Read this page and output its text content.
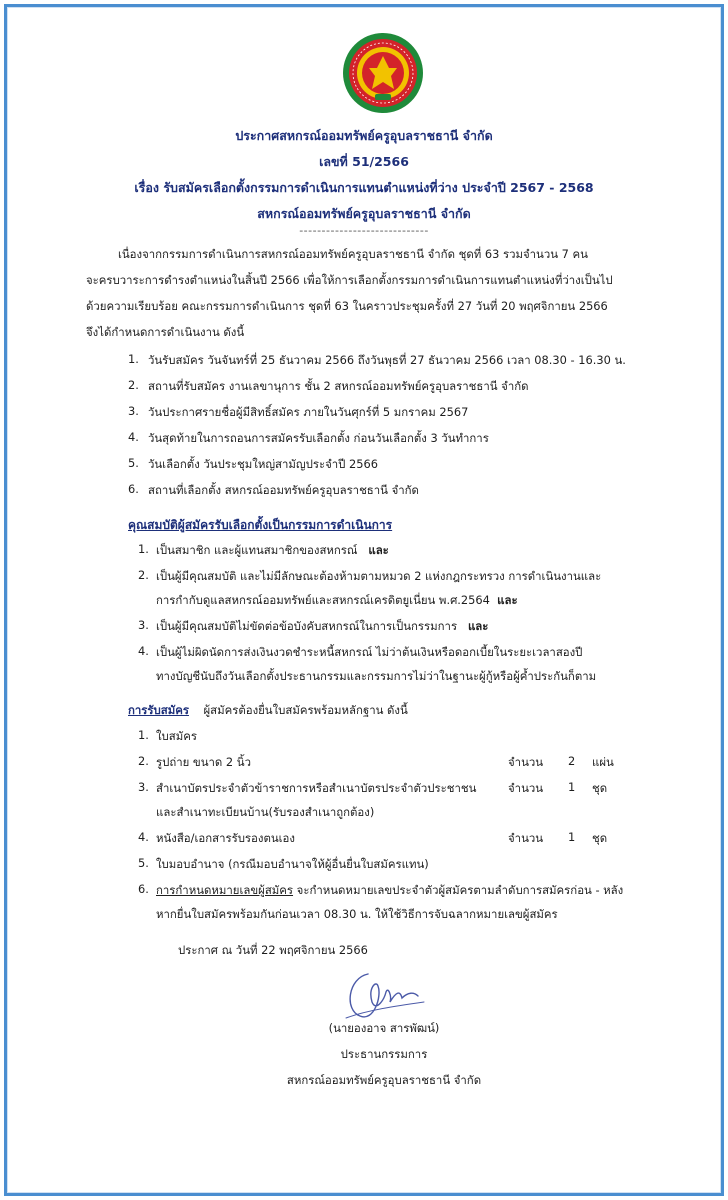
ประกาศสหกรณ์ออมทรัพย์ครูอุบลราชธานี จำกัด
เลขที่ 51/2566
เรื่อง รับสมัครเลือกตั้งกรรมการดำเนินการแทนตำแหน่งที่ว่าง ประจำปี 2567 - 2568
สหกรณ์ออมทรัพย์ครูอุบลราชธานี จำกัด
-----------------------------
เนื่องจากกรรมการดำเนินการสหกรณ์ออมทรัพย์ครูอุบลราชธานี จำกัด ชุดที่ 63 รวมจำนวน 7 คน
จะครบวาระการดำรงตำแหน่งในสิ้นปี 2566 เพื่อให้การเลือกตั้งกรรมการดำเนินการแทนตำแหน่งที่ว่างเป็นไป
ด้วยความเรียบร้อย คณะกรรมการดำเนินการ ชุดที่ 63 ในคราวประชุมครั้งที่ 27 วันที่ 20 พฤศจิกายน 2566
จึงได้กำหนดการดำเนินงาน ดังนี้
1. วันรับสมัคร วันจันทร์ที่ 25 ธันวาคม 2566 ถึงวันพุธที่ 27 ธันวาคม 2566 เวลา 08.30 - 16.30 น.
2. สถานที่รับสมัคร งานเลขานุการ ชั้น 2 สหกรณ์ออมทรัพย์ครูอุบลราชธานี จำกัด
3. วันประกาศรายชื่อผู้มีสิทธิ์สมัคร ภายในวันศุกร์ที่ 5 มกราคม 2567
4. วันสุดท้ายในการถอนการสมัครรับเลือกตั้ง ก่อนวันเลือกตั้ง 3 วันทำการ
5. วันเลือกตั้ง วันประชุมใหญ่สามัญประจำปี 2566
6. สถานที่เลือกตั้ง สหกรณ์ออมทรัพย์ครูอุบลราชธานี จำกัด
คุณสมบัติผู้สมัครรับเลือกตั้งเป็นกรรมการดำเนินการ
1. เป็นสมาชิก และผู้แทนสมาชิกของสหกรณ์ และ
2. เป็นผู้มีคุณสมบัติ และไม่มีลักษณะต้องห้ามตามหมวด 2 แห่งกฎกระทรวง การดำเนินงานและ
การกำกับดูแลสหกรณ์ออมทรัพย์และสหกรณ์เครดิตยูเนี่ยน พ.ศ.2564 และ
3. เป็นผู้มีคุณสมบัติไม่ขัดต่อข้อบังคับสหกรณ์ในการเป็นกรรมการ และ
4. เป็นผู้ไม่ผิดนัดการส่งเงินงวดชำระหนี้สหกรณ์ ไม่ว่าต้นเงินหรือดอกเบี้ยในระยะเวลาสองปี
ทางบัญชีนับถึงวันเลือกตั้งประธานกรรมและกรรมการไม่ว่าในฐานะผู้กู้หรือผู้ค้ำประกันก็ตาม
การรับสมัคร ผู้สมัครต้องยื่นใบสมัครพร้อมหลักฐาน ดังนี้
1. ใบสมัคร
2. รูปถ่าย ขนาด 2 นิ้ว	จำนวน 2 แผ่น
3. สำเนาบัตรประจำตัวข้าราชการหรือสำเนาบัตรประจำตัวประชาชน	จำนวน 1 ชุด
และสำเนาทะเบียนบ้าน(รับรองสำเนาถูกต้อง)
4. หนังสือ/เอกสารรับรองตนเอง	จำนวน 1 ชุด
5. ใบมอบอำนาจ (กรณีมอบอำนาจให้ผู้อื่นยื่นใบสมัครแทน)
6. การกำหนดหมายเลขผู้สมัคร จะกำหนดหมายเลขประจำตัวผู้สมัครตามลำดับการสมัครก่อน - หลัง
หากยื่นใบสมัครพร้อมกันก่อนเวลา 08.30 น. ให้ใช้วิธีการจับฉลากหมายเลขผู้สมัคร
ประกาศ ณ วันที่ 22 พฤศจิกายน 2566
(นายองอาจ สารพัฒน์)
ประธานกรรมการ
สหกรณ์ออมทรัพย์ครูอุบลราชธานี จำกัด
